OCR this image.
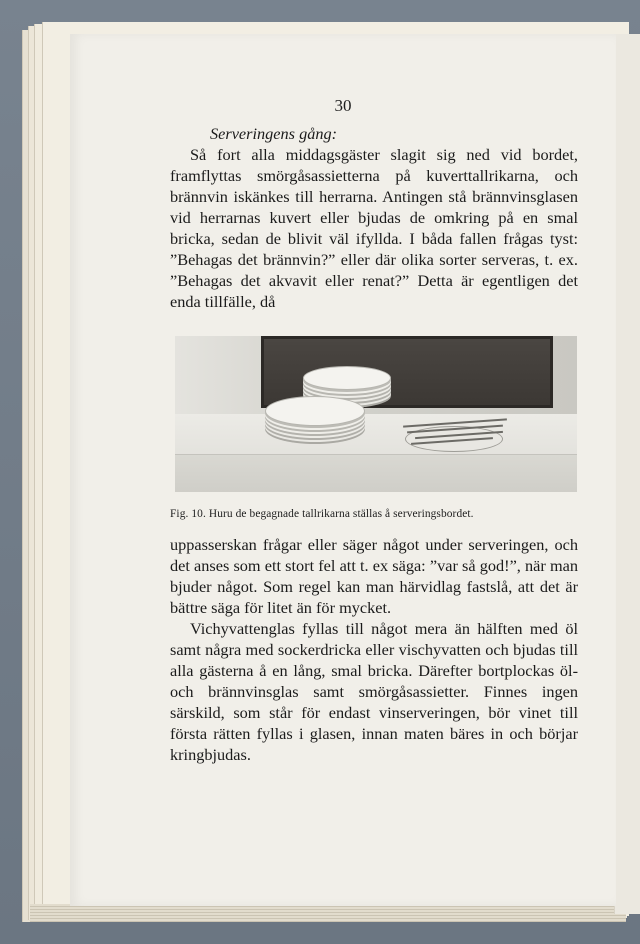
30

Serveringens gång:

Så fort alla middagsgäster slagit sig ned vid bordet, framflyttas smörgåsassietterna på kuverttallrikarna, och brännvin iskänkes till herrarna. Antingen stå brännvinsglasen vid herrarnas kuvert eller bjudas de omkring på en smal bricka, sedan de blivit väl ifyllda. I båda fallen frågas tyst: ”Behagas det brännvin?” eller där olika sorter serveras, t. ex. ”Behagas det akvavit eller renat?” Detta är egentligen det enda tillfälle, då

Fig. 10. Huru de begagnade tallrikarna ställas å serveringsbordet.

uppasserskan frågar eller säger något under serveringen, och det anses som ett stort fel att t. ex säga: ”var så god!”, när man bjuder något. Som regel kan man härvidlag fastslå, att det är bättre säga för litet än för mycket.

Vichyvattenglas fyllas till något mera än hälften med öl samt några med sockerdricka eller vischyvatten och bjudas till alla gästerna å en lång, smal bricka. Därefter bortplockas öl- och brännvinsglas samt smörgåsassietter. Finnes ingen särskild, som står för endast vinserveringen, bör vinet till första rätten fyllas i glasen, innan maten bäres in och börjar kringbjudas.
